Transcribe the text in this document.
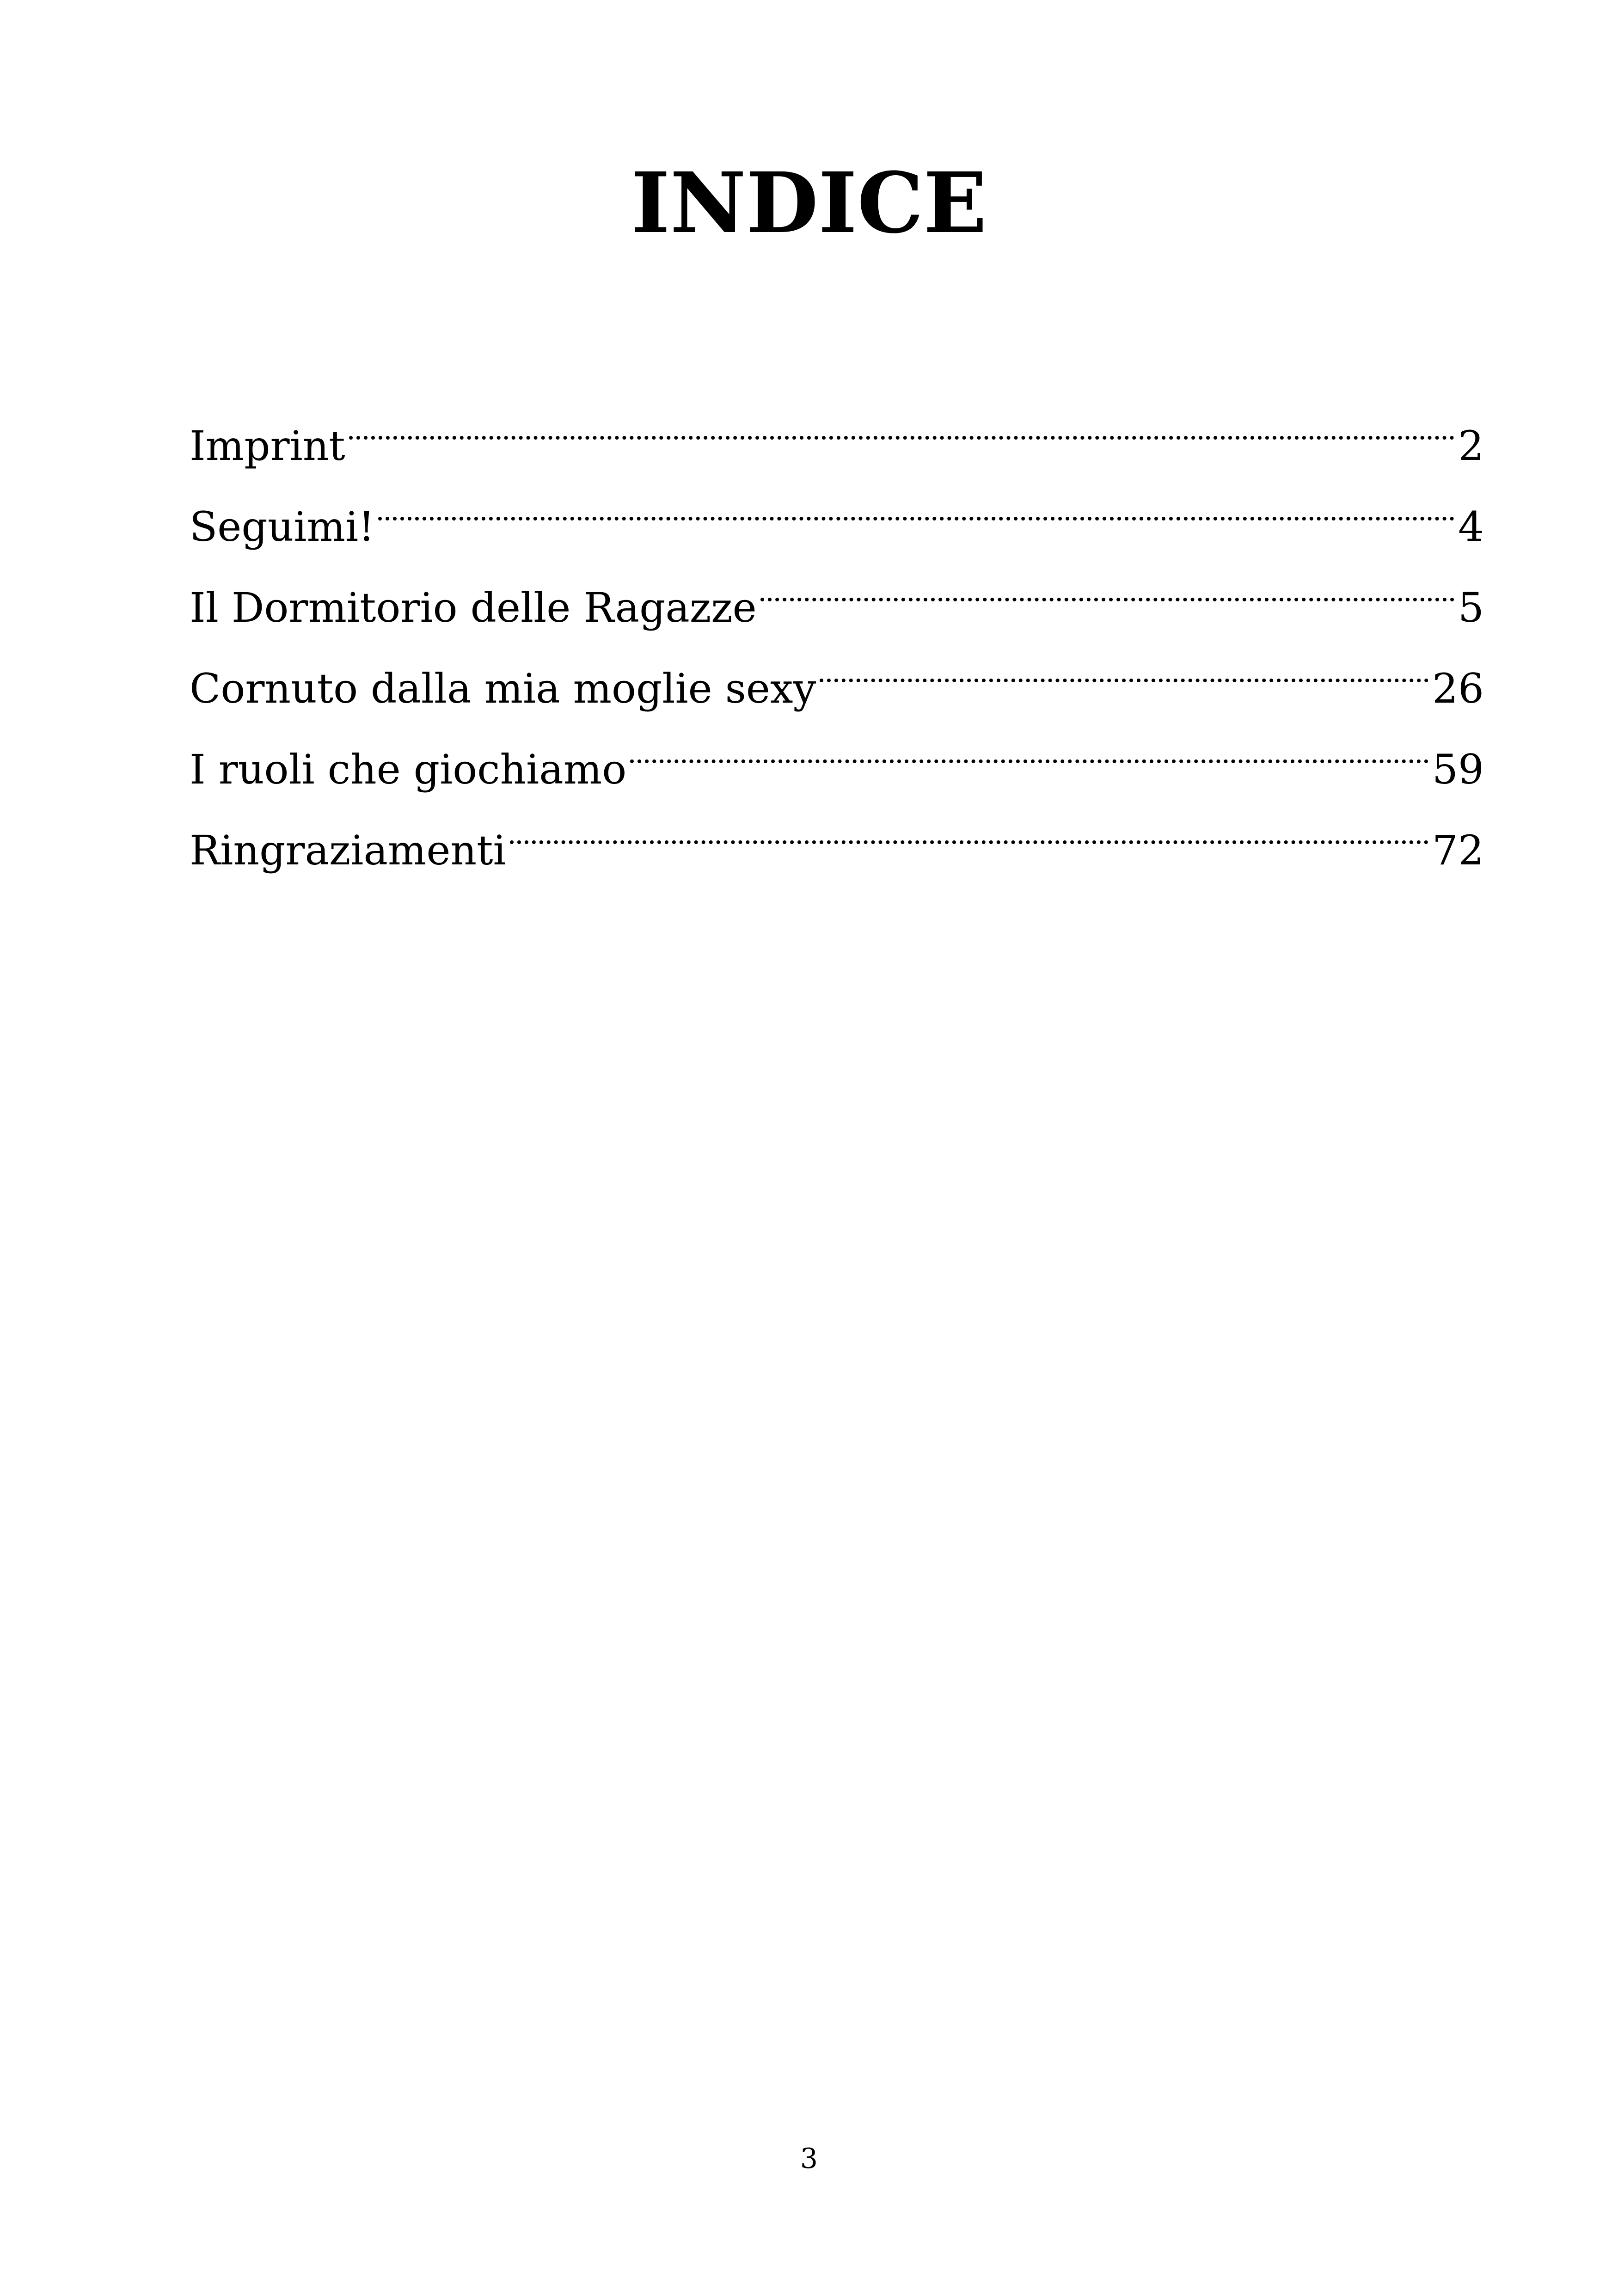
INDICE
Imprint	2
Seguimi!	4
Il Dormitorio delle Ragazze	5
Cornuto dalla mia moglie sexy	26
I ruoli che giochiamo	59
Ringraziamenti	72
3
